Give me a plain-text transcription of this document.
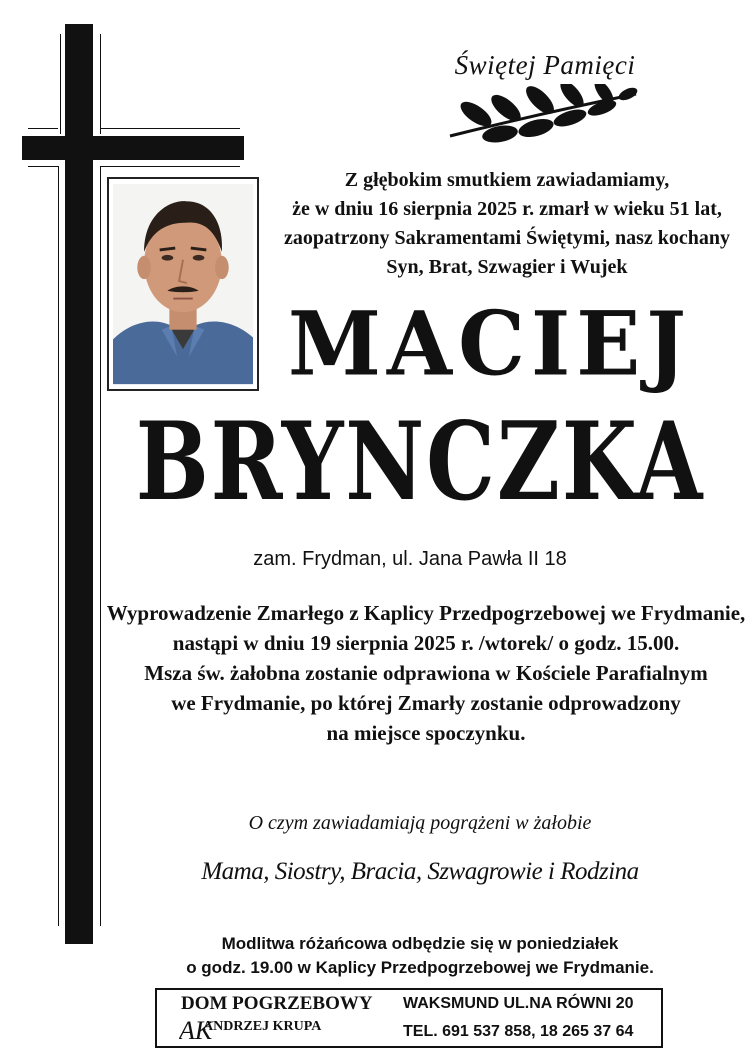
Świętej Pamięci
Z głębokim smutkiem zawiadamiamy,
że w dniu 16 sierpnia 2025 r. zmarł w wieku 51 lat,
zaopatrzony Sakramentami Świętymi, nasz kochany
Syn, Brat, Szwagier i Wujek
MACIEJ
BRYNCZKA
zam. Frydman, ul. Jana Pawła II 18
Wyprowadzenie Zmarłego z Kaplicy Przedpogrzebowej we Frydmanie,
nastąpi w dniu 19 sierpnia 2025 r. /wtorek/ o godz. 15.00.
Msza św. żałobna zostanie odprawiona w Kościele Parafialnym
we Frydmanie, po której Zmarły zostanie odprowadzony
na miejsce spoczynku.
O czym zawiadamiają pogrążeni w żałobie
Mama, Siostry, Bracia, Szwagrowie i Rodzina
Modlitwa różańcowa odbędzie się w poniedziałek
o godz. 19.00 w Kaplicy Przedpogrzebowej we Frydmanie.
DOM POGRZEBOWY
AK
ANDRZEJ KRUPA
WAKSMUND UL.NA RÓWNI 20
TEL. 691 537 858, 18 265 37 64
